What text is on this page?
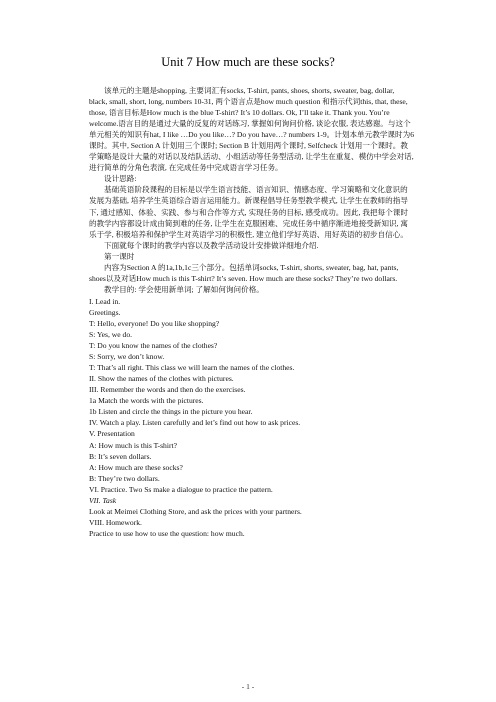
Unit 7 How much are these socks?

该单元的主题是shopping, 主要词汇有socks, T-shirt, pants, shoes, shorts, sweater, bag, dollar, black, small, short, long, numbers 10-31, 两个语言点是how much question 和指示代词this, that, these, those, 语言目标是How much is the blue T-shirt? It’s 10 dollars. Ok, I’ll take it. Thank you. You’re welcome.语言目的是通过大量的反复的对话练习, 掌握如何询问价格, 谈论衣服, 表达感谢。与这个单元相关的知识有hat, I like …Do you like…? Do you have…? numbers 1-9。计划本单元教学课时为6课时。其中, Section A 计划用三个课时; Section B 计划用两个课时, Selfcheck 计划用一个课时。教学策略是设计大量的对话以及结队活动、小组活动等任务型活动, 让学生在重复、模仿中学会对话, 进行简单的分角色表演, 在完成任务中完成语言学习任务。

设计思路:

基础英语阶段课程的目标是以学生语言技能、语言知识、情感态度、学习策略和文化意识的发展为基础, 培养学生英语综合语言运用能力。新课程倡导任务型教学模式, 让学生在教师的指导下, 通过感知、体验、实践、参与和合作等方式, 实现任务的目标, 感受成功。因此, 我把每个课时的教学内容都设计成由简到难的任务, 让学生在克服困难、完成任务中循序渐进地接受新知识, 寓乐于学, 积极培养和保护学生对英语学习的积极性, 建立他们学好英语、用好英语的初步自信心。

下面就每个课时的教学内容以及教学活动设计安排做详细地介绍.

第一课时

内容为Section A 的1a,1b,1c三个部分。包括单词socks, T-shirt, shorts, sweater, bag, hat, pants, shoes以及对话How much is this T-shirt? It’s seven. How much are these socks? They’re two dollars.

教学目的: 学会使用新单词; 了解如何询问价格。

I. Lead in.

Greetings.

T: Hello, everyone! Do you like shopping?

S: Yes, we do.

T: Do you know the names of the clothes?

S: Sorry, we don’t know.

T: That’s all right. This class we will learn the names of the clothes.

II. Show the names of the clothes with pictures.

III. Remember the words and then do the exercises.

1a Match the words with the pictures.

1b Listen and circle the things in the picture you hear.

IV. Watch a play. Listen carefully and let’s find out how to ask prices.

V. Presentation

A: How much is this T-shirt?

B: It’s seven dollars.

A: How much are these socks?

B: They’re two dollars.

VI. Practice. Two Ss make a dialogue to practice the pattern.

VII. Task

Look at Meimei Clothing Store, and ask the prices with your partners.

VIII. Homework.

Practice to use how to use the question: how much.

- 1 -
